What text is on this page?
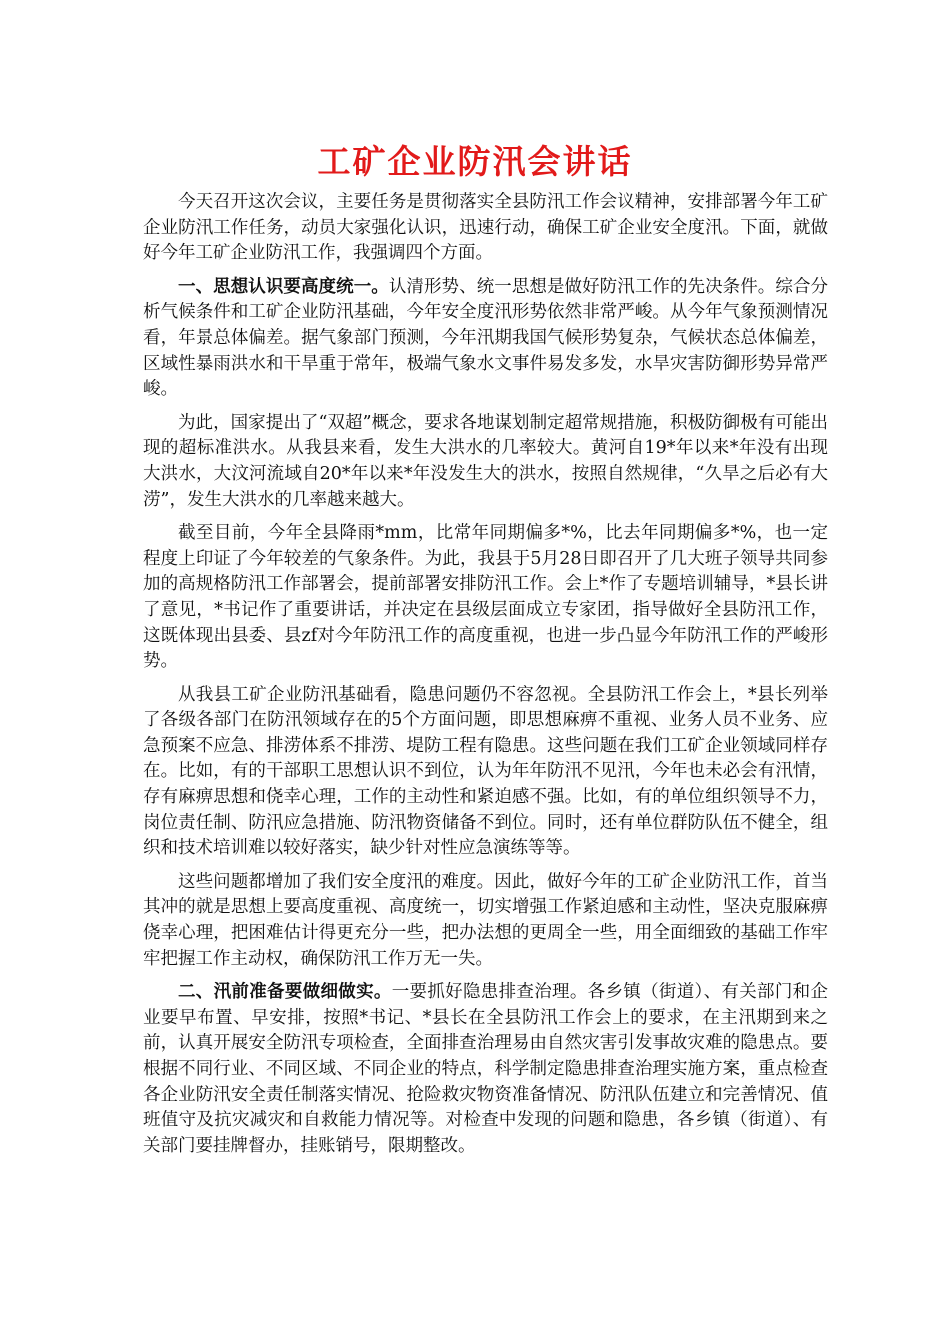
工矿企业防汛会讲话

今天召开这次会议，主要任务是贯彻落实全县防汛工作会议精神，安排部署今年工矿企业防汛工作任务，动员大家强化认识，迅速行动，确保工矿企业安全度汛。下面，就做好今年工矿企业防汛工作，我强调四个方面。

一、思想认识要高度统一。认清形势、统一思想是做好防汛工作的先决条件。综合分析气候条件和工矿企业防汛基础，今年安全度汛形势依然非常严峻。从今年气象预测情况看，年景总体偏差。据气象部门预测，今年汛期我国气候形势复杂，气候状态总体偏差，区域性暴雨洪水和干旱重于常年，极端气象水文事件易发多发，水旱灾害防御形势异常严峻。

为此，国家提出了“双超”概念，要求各地谋划制定超常规措施，积极防御极有可能出现的超标准洪水。从我县来看，发生大洪水的几率较大。黄河自19*年以来*年没有出现大洪水，大汶河流域自20*年以来*年没发生大的洪水，按照自然规律，“久旱之后必有大涝”，发生大洪水的几率越来越大。

截至目前，今年全县降雨*mm，比常年同期偏多*%，比去年同期偏多*%，也一定程度上印证了今年较差的气象条件。为此，我县于5月28日即召开了几大班子领导共同参加的高规格防汛工作部署会，提前部署安排防汛工作。会上*作了专题培训辅导，*县长讲了意见，*书记作了重要讲话，并决定在县级层面成立专家团，指导做好全县防汛工作，这既体现出县委、县zf对今年防汛工作的高度重视，也进一步凸显今年防汛工作的严峻形势。

从我县工矿企业防汛基础看，隐患问题仍不容忽视。全县防汛工作会上，*县长列举了各级各部门在防汛领域存在的5个方面问题，即思想麻痹不重视、业务人员不业务、应急预案不应急、排涝体系不排涝、堤防工程有隐患。这些问题在我们工矿企业领域同样存在。比如，有的干部职工思想认识不到位，认为年年防汛不见汛，今年也未必会有汛情，存有麻痹思想和侥幸心理，工作的主动性和紧迫感不强。比如，有的单位组织领导不力，岗位责任制、防汛应急措施、防汛物资储备不到位。同时，还有单位群防队伍不健全，组织和技术培训难以较好落实，缺少针对性应急演练等等。

这些问题都增加了我们安全度汛的难度。因此，做好今年的工矿企业防汛工作，首当其冲的就是思想上要高度重视、高度统一，切实增强工作紧迫感和主动性，坚决克服麻痹侥幸心理，把困难估计得更充分一些，把办法想的更周全一些，用全面细致的基础工作牢牢把握工作主动权，确保防汛工作万无一失。

二、汛前准备要做细做实。一要抓好隐患排查治理。各乡镇（街道）、有关部门和企业要早布置、早安排，按照*书记、*县长在全县防汛工作会上的要求，在主汛期到来之前，认真开展安全防汛专项检查，全面排查治理易由自然灾害引发事故灾难的隐患点。要根据不同行业、不同区域、不同企业的特点，科学制定隐患排查治理实施方案，重点检查各企业防汛安全责任制落实情况、抢险救灾物资准备情况、防汛队伍建立和完善情况、值班值守及抗灾减灾和自救能力情况等。对检查中发现的问题和隐患，各乡镇（街道）、有关部门要挂牌督办，挂账销号，限期整改。
